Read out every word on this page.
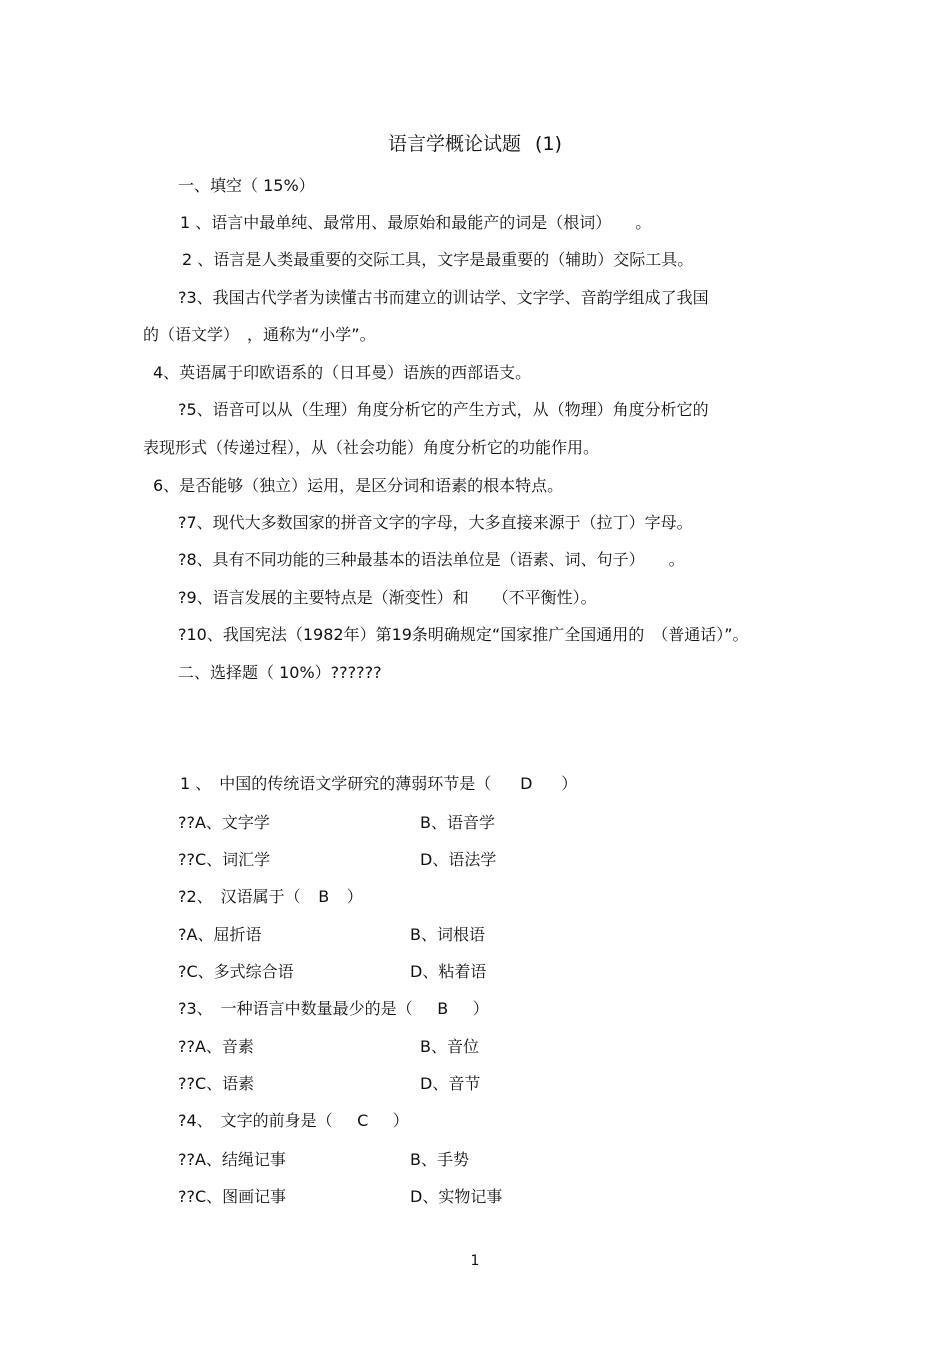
语言学概论试题 (1)
一、填空（ 15%）
1 、语言中最单纯、最常用、最原始和最能产的词是（根词）　　。
2 、语言是人类最重要的交际工具，文字是最重要的（辅助）交际工具。
?3、我国古代学者为读懂古书而建立的训诂学、文字学、音韵学组成了我国
的（语文学）　，通称为“小学”。
4、英语属于印欧语系的（日耳曼）语族的西部语支。
?5、语音可以从（生理）角度分析它的产生方式，从（物理）角度分析它的
表现形式（传递过程），从（社会功能）角度分析它的功能作用。
6、是否能够（独立）运用，是区分词和语素的根本特点。
?7、现代大多数国家的拼音文字的字母，大多直接来源于（拉丁）字母。
?8、具有不同功能的三种最基本的语法单位是（语素、词、句子）　　。
?9、语言发展的主要特点是（渐变性）和　　（不平衡性）。
?10、我国宪法（1982年）第19条明确规定“国家推广全国通用的　（普通话）”。
二、选择题（ 10%）??????
1 、　中国的传统语文学研究的薄弱环节是（ D ）
??A、文字学	B、语音学
??C、词汇学	D、语法学
?2、　汉语属于（ B ）
?A、屈折语	B、词根语
?C、多式综合语	D、粘着语
?3、　一种语言中数量最少的是（ B ）
??A、音素	B、音位
??C、语素	D、音节
?4、　文字的前身是（ C ）
??A、结绳记事	B、手势
??C、图画记事	D、实物记事
1
